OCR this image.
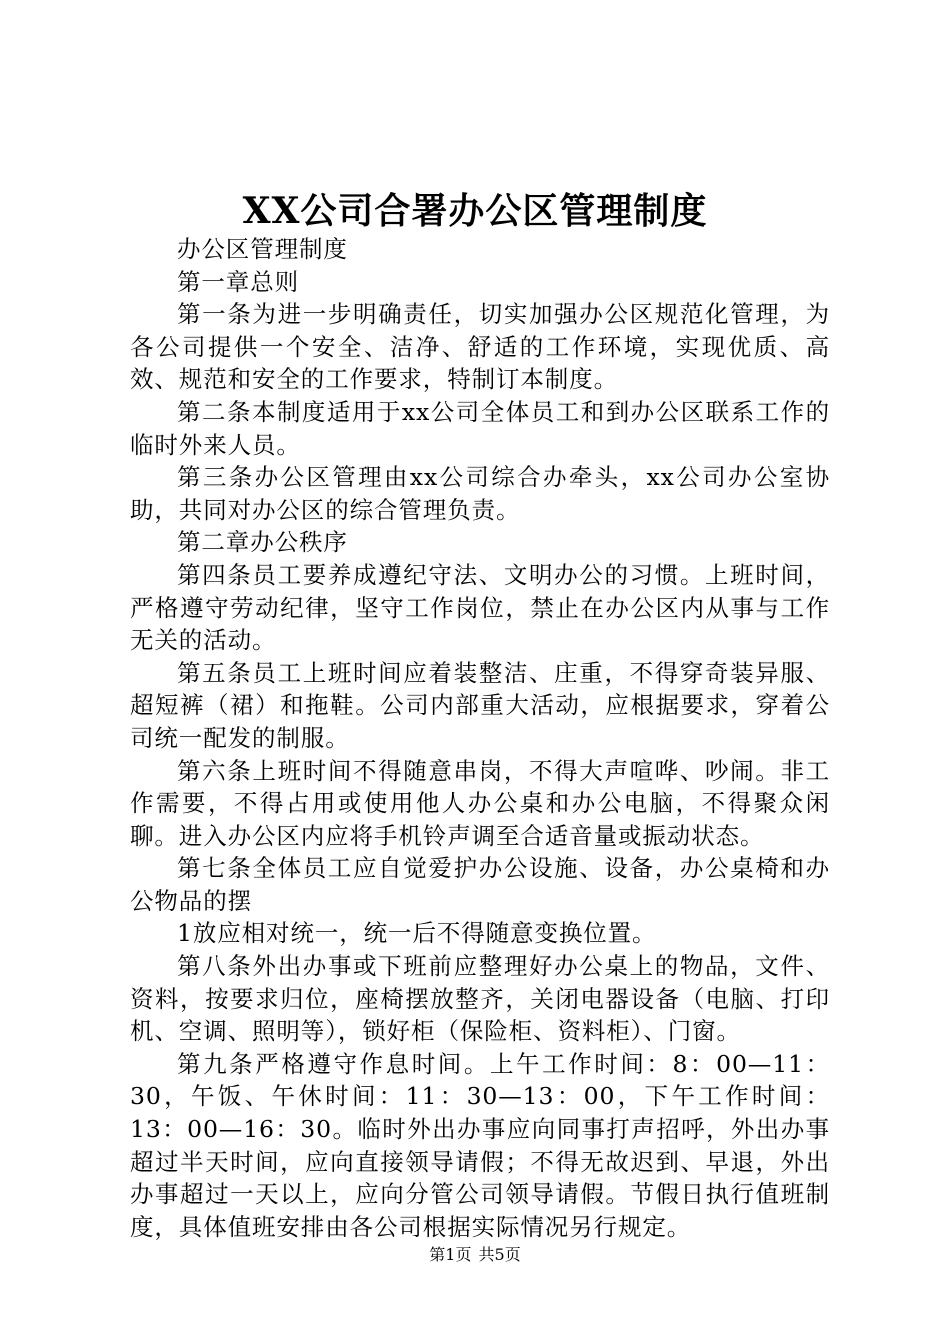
XX公司合署办公区管理制度

办公区管理制度

第一章总则

第一条为进一步明确责任，切实加强办公区规范化管理，为各公司提供一个安全、洁净、舒适的工作环境，实现优质、高效、规范和安全的工作要求，特制订本制度。

第二条本制度适用于xx公司全体员工和到办公区联系工作的临时外来人员。

第三条办公区管理由xx公司综合办牵头，xx公司办公室协助，共同对办公区的综合管理负责。

第二章办公秩序

第四条员工要养成遵纪守法、文明办公的习惯。上班时间，严格遵守劳动纪律，坚守工作岗位，禁止在办公区内从事与工作无关的活动。

第五条员工上班时间应着装整洁、庄重，不得穿奇装异服、超短裤（裙）和拖鞋。公司内部重大活动，应根据要求，穿着公司统一配发的制服。

第六条上班时间不得随意串岗，不得大声喧哗、吵闹。非工作需要，不得占用或使用他人办公桌和办公电脑，不得聚众闲聊。进入办公区内应将手机铃声调至合适音量或振动状态。

第七条全体员工应自觉爱护办公设施、设备，办公桌椅和办公物品的摆

1放应相对统一，统一后不得随意变换位置。

第八条外出办事或下班前应整理好办公桌上的物品，文件、资料，按要求归位，座椅摆放整齐，关闭电器设备（电脑、打印机、空调、照明等），锁好柜（保险柜、资料柜）、门窗。

第九条严格遵守作息时间。上午工作时间：8：00—11：30，午饭、午休时间：11：30—13：00，下午工作时间：13：00—16：30。临时外出办事应向同事打声招呼，外出办事超过半天时间，应向直接领导请假；不得无故迟到、早退，外出办事超过一天以上，应向分管公司领导请假。节假日执行值班制度，具体值班安排由各公司根据实际情况另行规定。

第1页 共5页
